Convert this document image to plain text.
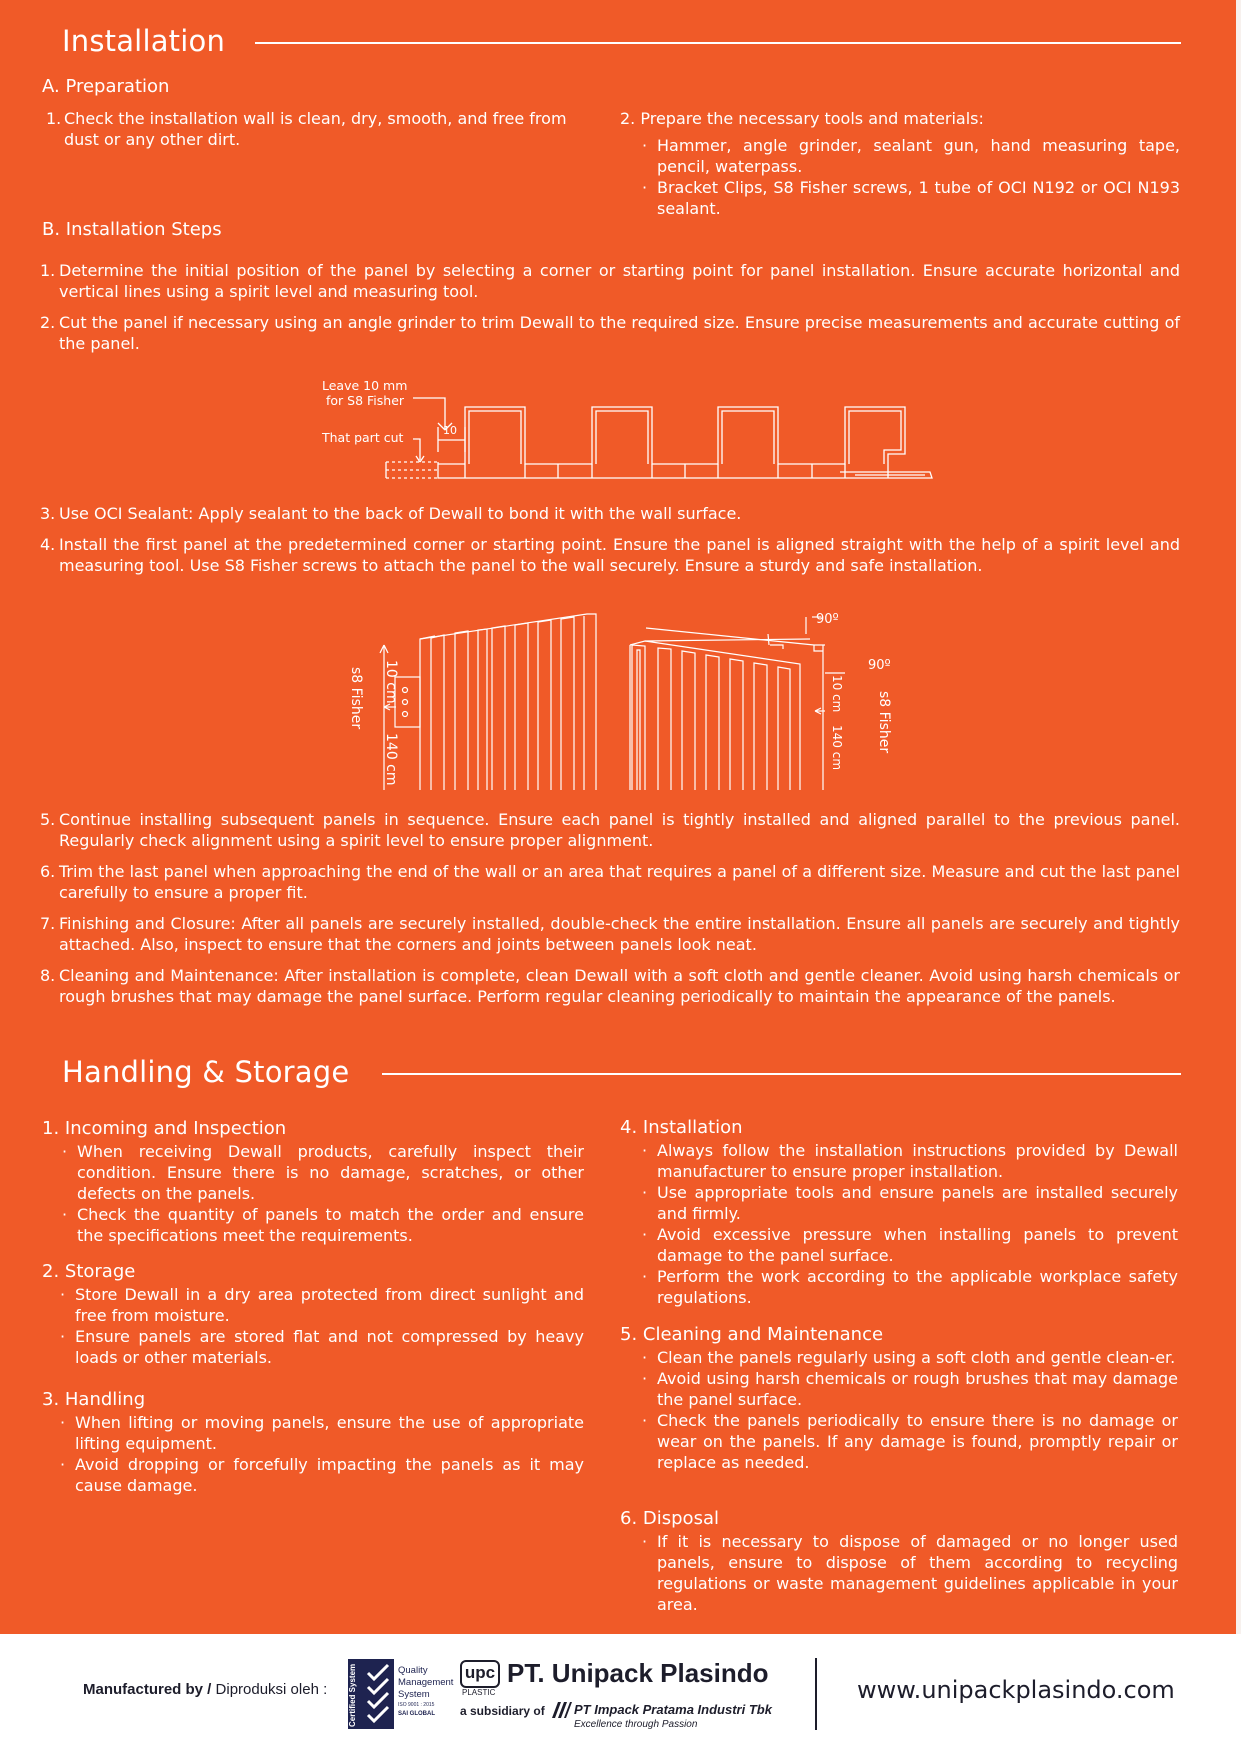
Installation
A. Preparation
1. Check the installation wall is clean, dry, smooth, and free from dust or any other dirt.
2. Prepare the necessary tools and materials:
· Hammer, angle grinder, sealant gun, hand measuring tape, pencil, waterpass.
· Bracket Clips, S8 Fisher screws, 1 tube of OCI N192 or OCI N193 sealant.
B. Installation Steps
1. Determine the initial position of the panel by selecting a corner or starting point for panel installation. Ensure accurate horizontal and vertical lines using a spirit level and measuring tool.
2. Cut the panel if necessary using an angle grinder to trim Dewall to the required size. Ensure precise measurements and accurate cutting of the panel.
Leave 10 mm
for S8 Fisher
That part cut	10
3. Use OCI Sealant: Apply sealant to the back of Dewall to bond it with the wall surface.
4. Install the first panel at the predetermined corner or starting point. Ensure the panel is aligned straight with the help of a spirit level and measuring tool. Use S8 Fisher screws to attach the panel to the wall securely. Ensure a sturdy and safe installation.
s8 Fisher 10 cm
140 cm
90º
90º
10 cm
140 cm s8 Fisher
5. Continue installing subsequent panels in sequence. Ensure each panel is tightly installed and aligned parallel to the previous panel. Regularly check alignment using a spirit level to ensure proper alignment.
6. Trim the last panel when approaching the end of the wall or an area that requires a panel of a different size. Measure and cut the last panel carefully to ensure a proper fit.
7. Finishing and Closure: After all panels are securely installed, double-check the entire installation. Ensure all panels are securely and tightly attached. Also, inspect to ensure that the corners and joints between panels look neat.
8. Cleaning and Maintenance: After installation is complete, clean Dewall with a soft cloth and gentle cleaner. Avoid using harsh chemicals or rough brushes that may damage the panel surface. Perform regular cleaning periodically to maintain the appearance of the panels.
Handling & Storage
1. Incoming and Inspection
· When receiving Dewall products, carefully inspect their condition. Ensure there is no damage, scratches, or other defects on the panels.
· Check the quantity of panels to match the order and ensure the specifications meet the requirements.
2. Storage
· Store Dewall in a dry area protected from direct sunlight and free from moisture.
· Ensure panels are stored flat and not compressed by heavy loads or other materials.
3. Handling
· When lifting or moving panels, ensure the use of appropriate lifting equipment.
· Avoid dropping or forcefully impacting the panels as it may cause damage.
4. Installation
· Always follow the installation instructions provided by Dewall manufacturer to ensure proper installation.
· Use appropriate tools and ensure panels are installed securely and firmly.
· Avoid excessive pressure when installing panels to prevent damage to the panel surface.
· Perform the work according to the applicable workplace safety regulations.
5. Cleaning and Maintenance
· Clean the panels regularly using a soft cloth and gentle clean-er.
· Avoid using harsh chemicals or rough brushes that may damage the panel surface.
· Check the panels periodically to ensure there is no damage or wear on the panels. If any damage is found, promptly repair or replace as needed.
6. Disposal
· If it is necessary to dispose of damaged or no longer used panels, ensure to dispose of them according to recycling regulations or waste management guidelines applicable in your area.
Manufactured by / Diproduksi oleh :
Quality
Management
System
ISO 9001 : 2015
SAI GLOBAL
upc
PLASTIC
PT. Unipack Plasindo
a subsidiary of PT Impack Pratama Industri Tbk
Excellence through Passion
www.unipackplasindo.com
